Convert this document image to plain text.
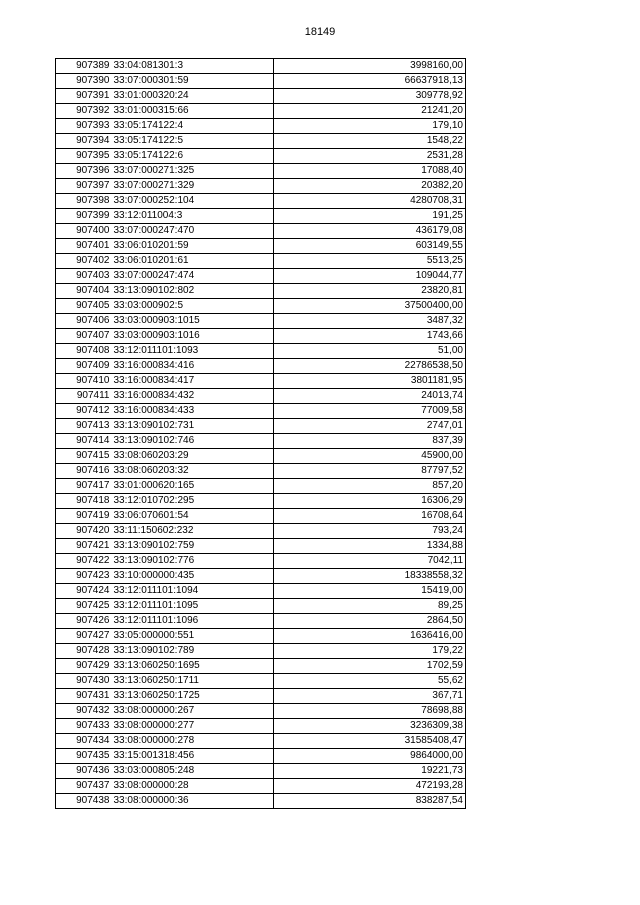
18149
907389	33:04:081301:3	3998160,00
907390	33:07:000301:59	66637918,13
907391	33:01:000320:24	309778,92
907392	33:01:000315:66	21241,20
907393	33:05:174122:4	179,10
907394	33:05:174122:5	1548,22
907395	33:05:174122:6	2531,28
907396	33:07:000271:325	17088,40
907397	33:07:000271:329	20382,20
907398	33:07:000252:104	4280708,31
907399	33:12:011004:3	191,25
907400	33:07:000247:470	436179,08
907401	33:06:010201:59	603149,55
907402	33:06:010201:61	5513,25
907403	33:07:000247:474	109044,77
907404	33:13:090102:802	23820,81
907405	33:03:000902:5	37500400,00
907406	33:03:000903:1015	3487,32
907407	33:03:000903:1016	1743,66
907408	33:12:011101:1093	51,00
907409	33:16:000834:416	22786538,50
907410	33:16:000834:417	3801181,95
907411	33:16:000834:432	24013,74
907412	33:16:000834:433	77009,58
907413	33:13:090102:731	2747,01
907414	33:13:090102:746	837,39
907415	33:08:060203:29	45900,00
907416	33:08:060203:32	87797,52
907417	33:01:000620:165	857,20
907418	33:12:010702:295	16306,29
907419	33:06:070601:54	16708,64
907420	33:11:150602:232	793,24
907421	33:13:090102:759	1334,88
907422	33:13:090102:776	7042,11
907423	33:10:000000:435	18338558,32
907424	33:12:011101:1094	15419,00
907425	33:12:011101:1095	89,25
907426	33:12:011101:1096	2864,50
907427	33:05:000000:551	1636416,00
907428	33:13:090102:789	179,22
907429	33:13:060250:1695	1702,59
907430	33:13:060250:1711	55,62
907431	33:13:060250:1725	367,71
907432	33:08:000000:267	78698,88
907433	33:08:000000:277	3236309,38
907434	33:08:000000:278	31585408,47
907435	33:15:001318:456	9864000,00
907436	33:03:000805:248	19221,73
907437	33:08:000000:28	472193,28
907438	33:08:000000:36	838287,54
